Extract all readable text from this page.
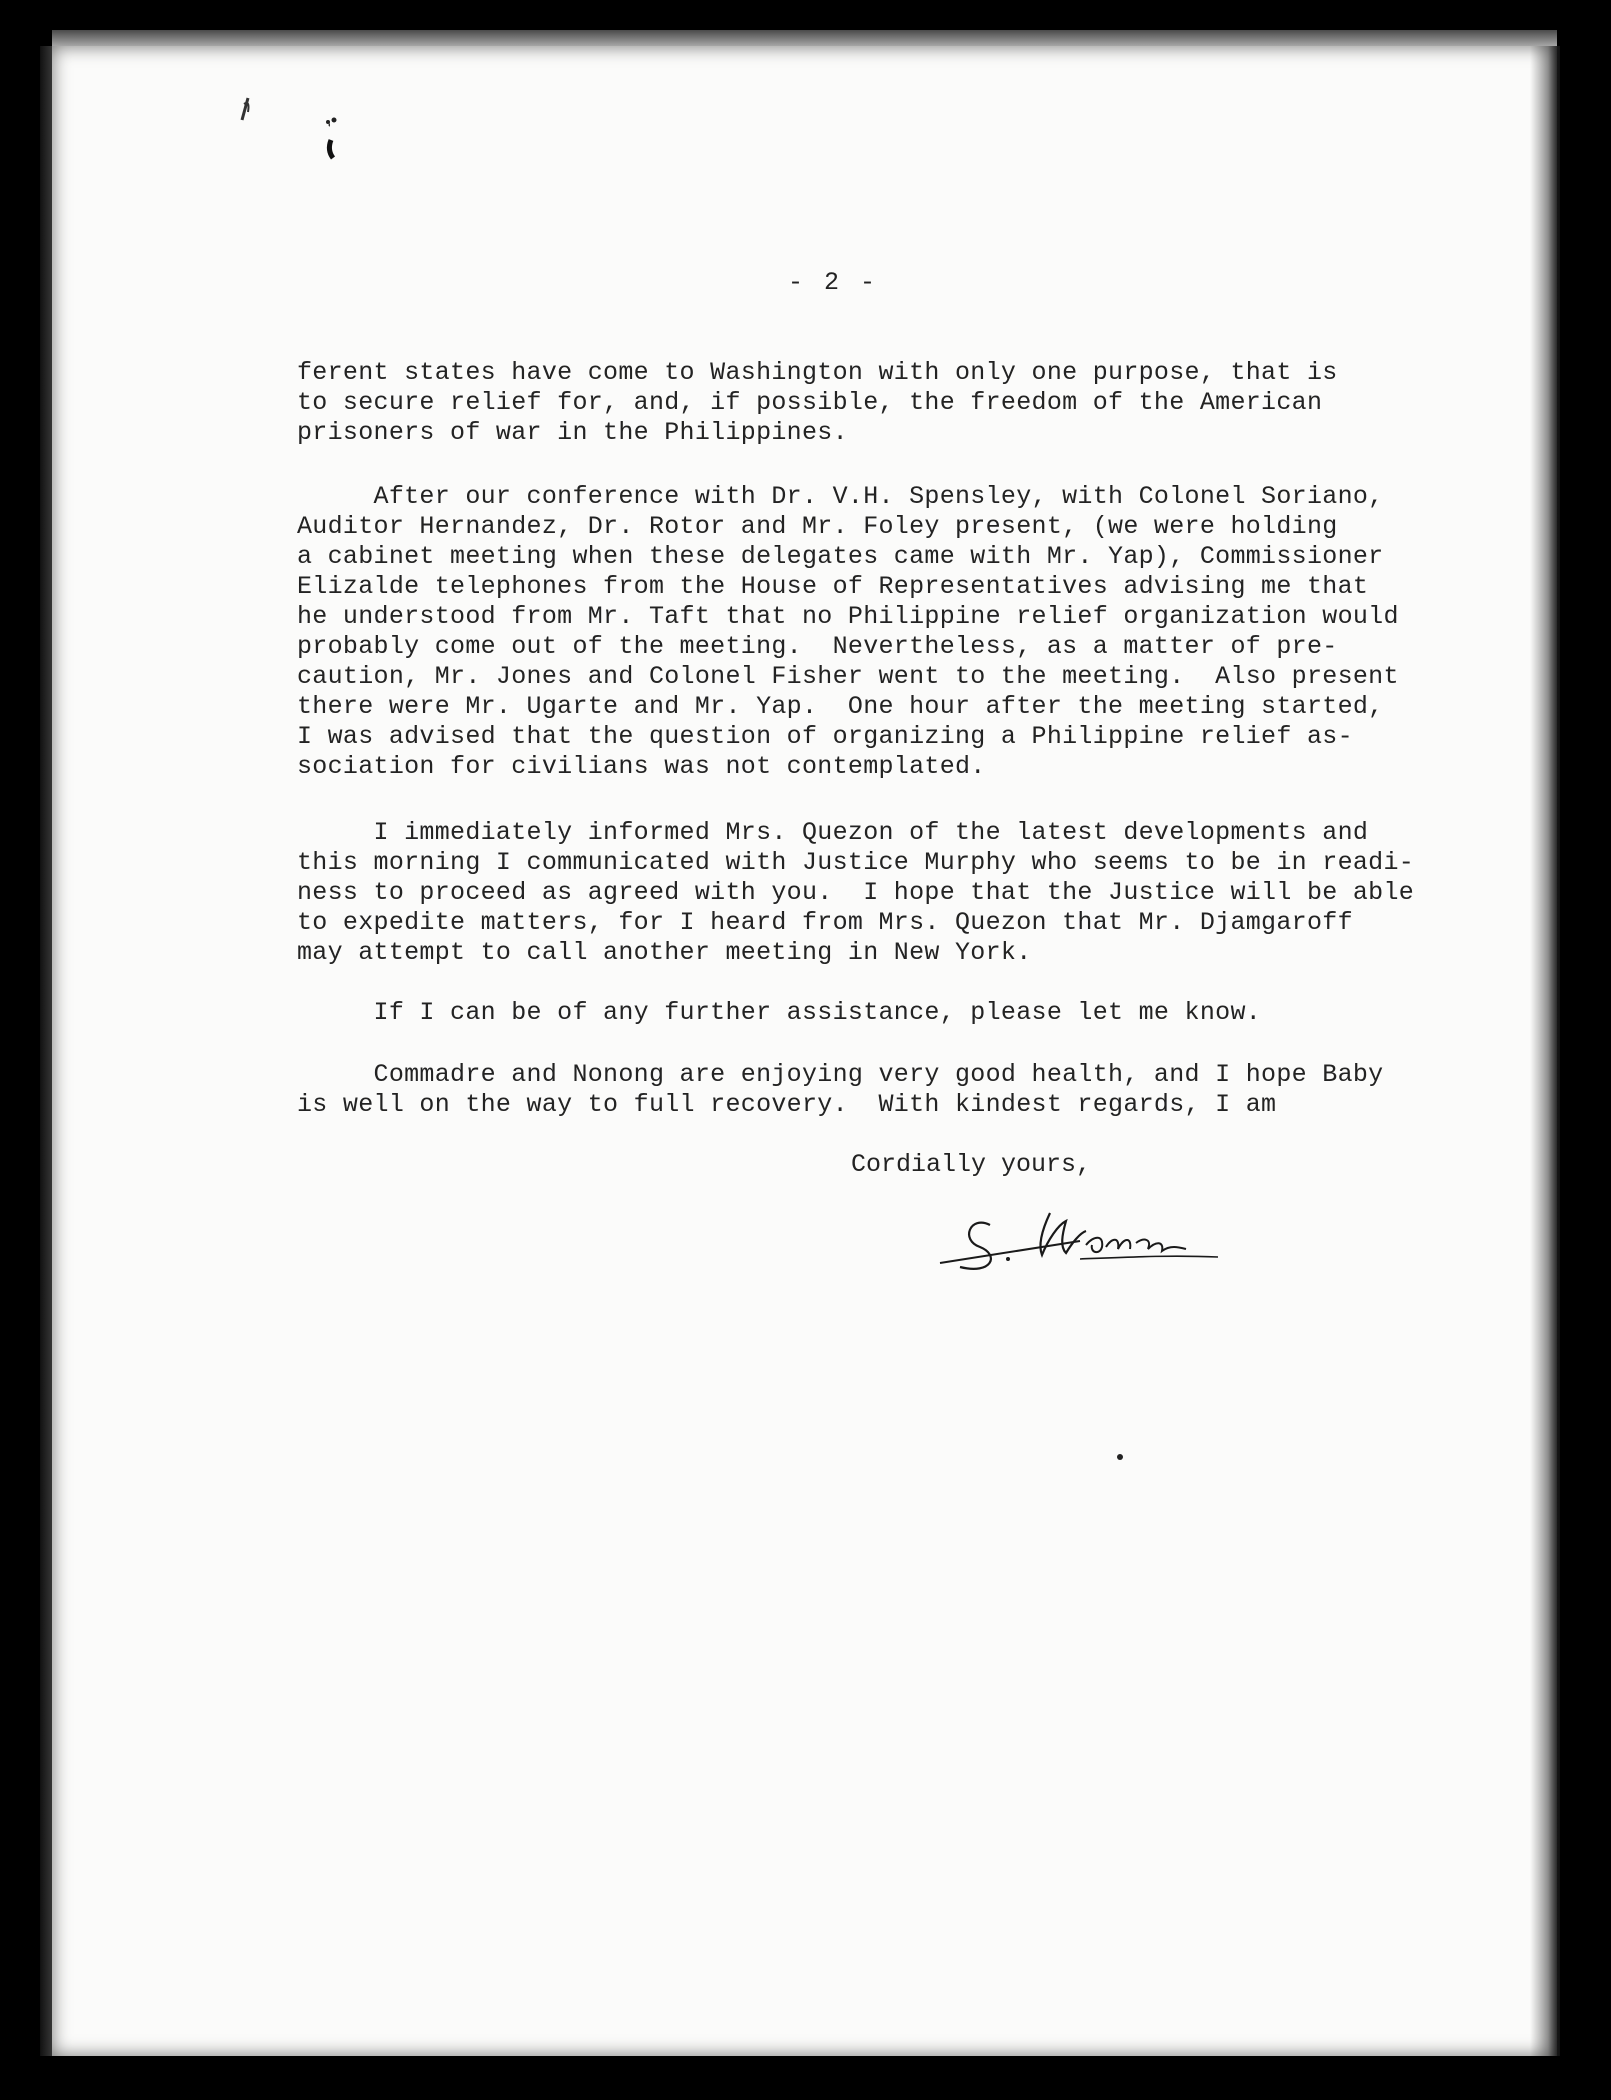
- 2 -
ferent states have come to Washington with only one purpose, that is
to secure relief for, and, if possible, the freedom of the American
prisoners of war in the Philippines.
After our conference with Dr. V.H. Spensley, with Colonel Soriano,
Auditor Hernandez, Dr. Rotor and Mr. Foley present, (we were holding
a cabinet meeting when these delegates came with Mr. Yap), Commissioner
Elizalde telephones from the House of Representatives advising me that
he understood from Mr. Taft that no Philippine relief organization would
probably come out of the meeting.  Nevertheless, as a matter of pre-
caution, Mr. Jones and Colonel Fisher went to the meeting.  Also present
there were Mr. Ugarte and Mr. Yap.  One hour after the meeting started,
I was advised that the question of organizing a Philippine relief as-
sociation for civilians was not contemplated.
I immediately informed Mrs. Quezon of the latest developments and
this morning I communicated with Justice Murphy who seems to be in readi-
ness to proceed as agreed with you.  I hope that the Justice will be able
to expedite matters, for I heard from Mrs. Quezon that Mr. Djamgaroff
may attempt to call another meeting in New York.
If I can be of any further assistance, please let me know.
Commadre and Nonong are enjoying very good health, and I hope Baby
is well on the way to full recovery.  With kindest regards, I am
Cordially yours,
